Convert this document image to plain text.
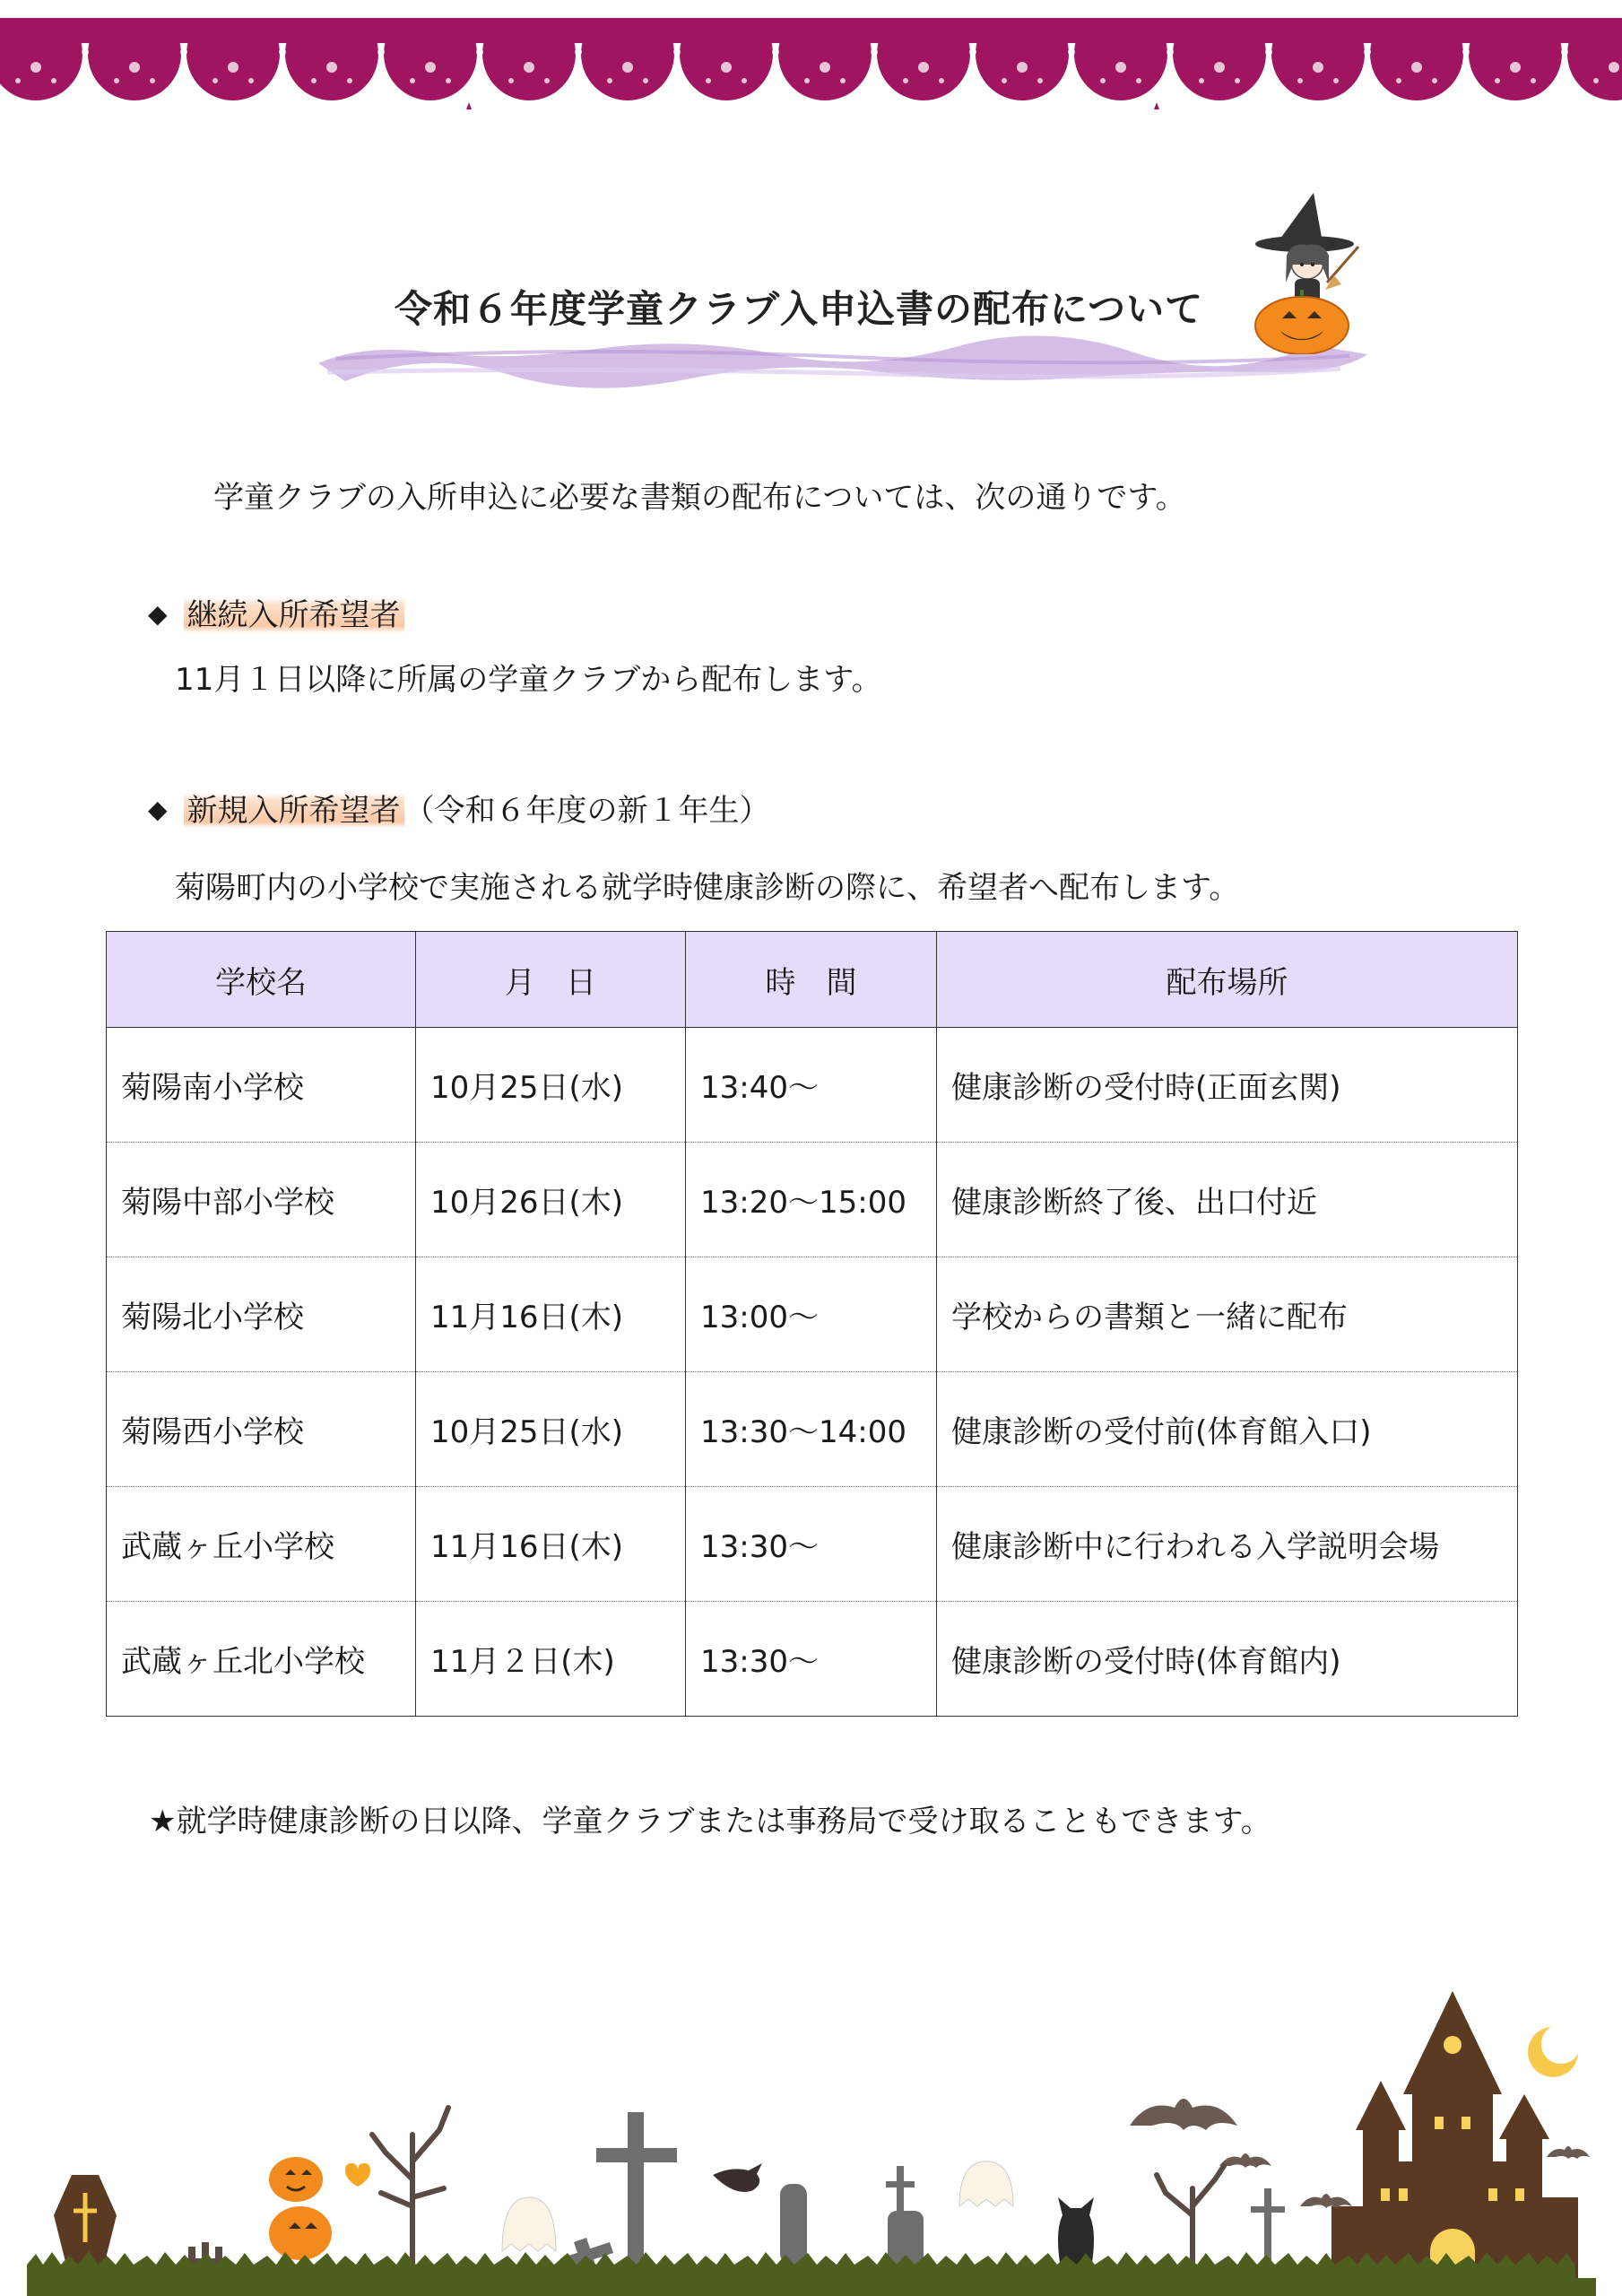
令和６年度学童クラブ入申込書の配布について
学童クラブの入所申込に必要な書類の配布については、次の通りです。
◆ 継続入所希望者
11月１日以降に所属の学童クラブから配布します。
◆ 新規入所希望者 （令和６年度の新１年生）
菊陽町内の小学校で実施される就学時健康診断の際に、希望者へ配布します。
学校名	月　日	時　間	配布場所
菊陽南小学校	10月25日(水)	13:40～	健康診断の受付時(正面玄関)
菊陽中部小学校	10月26日(木)	13:20～15:00	健康診断終了後、出口付近
菊陽北小学校	11月16日(木)	13:00～	学校からの書類と一緒に配布
菊陽西小学校	10月25日(水)	13:30～14:00	健康診断の受付前(体育館入口)
武蔵ヶ丘小学校	11月16日(木)	13:30～	健康診断中に行われる入学説明会場
武蔵ヶ丘北小学校	11月２日(木)	13:30～	健康診断の受付時(体育館内)
★就学時健康診断の日以降、学童クラブまたは事務局で受け取ることもできます。
